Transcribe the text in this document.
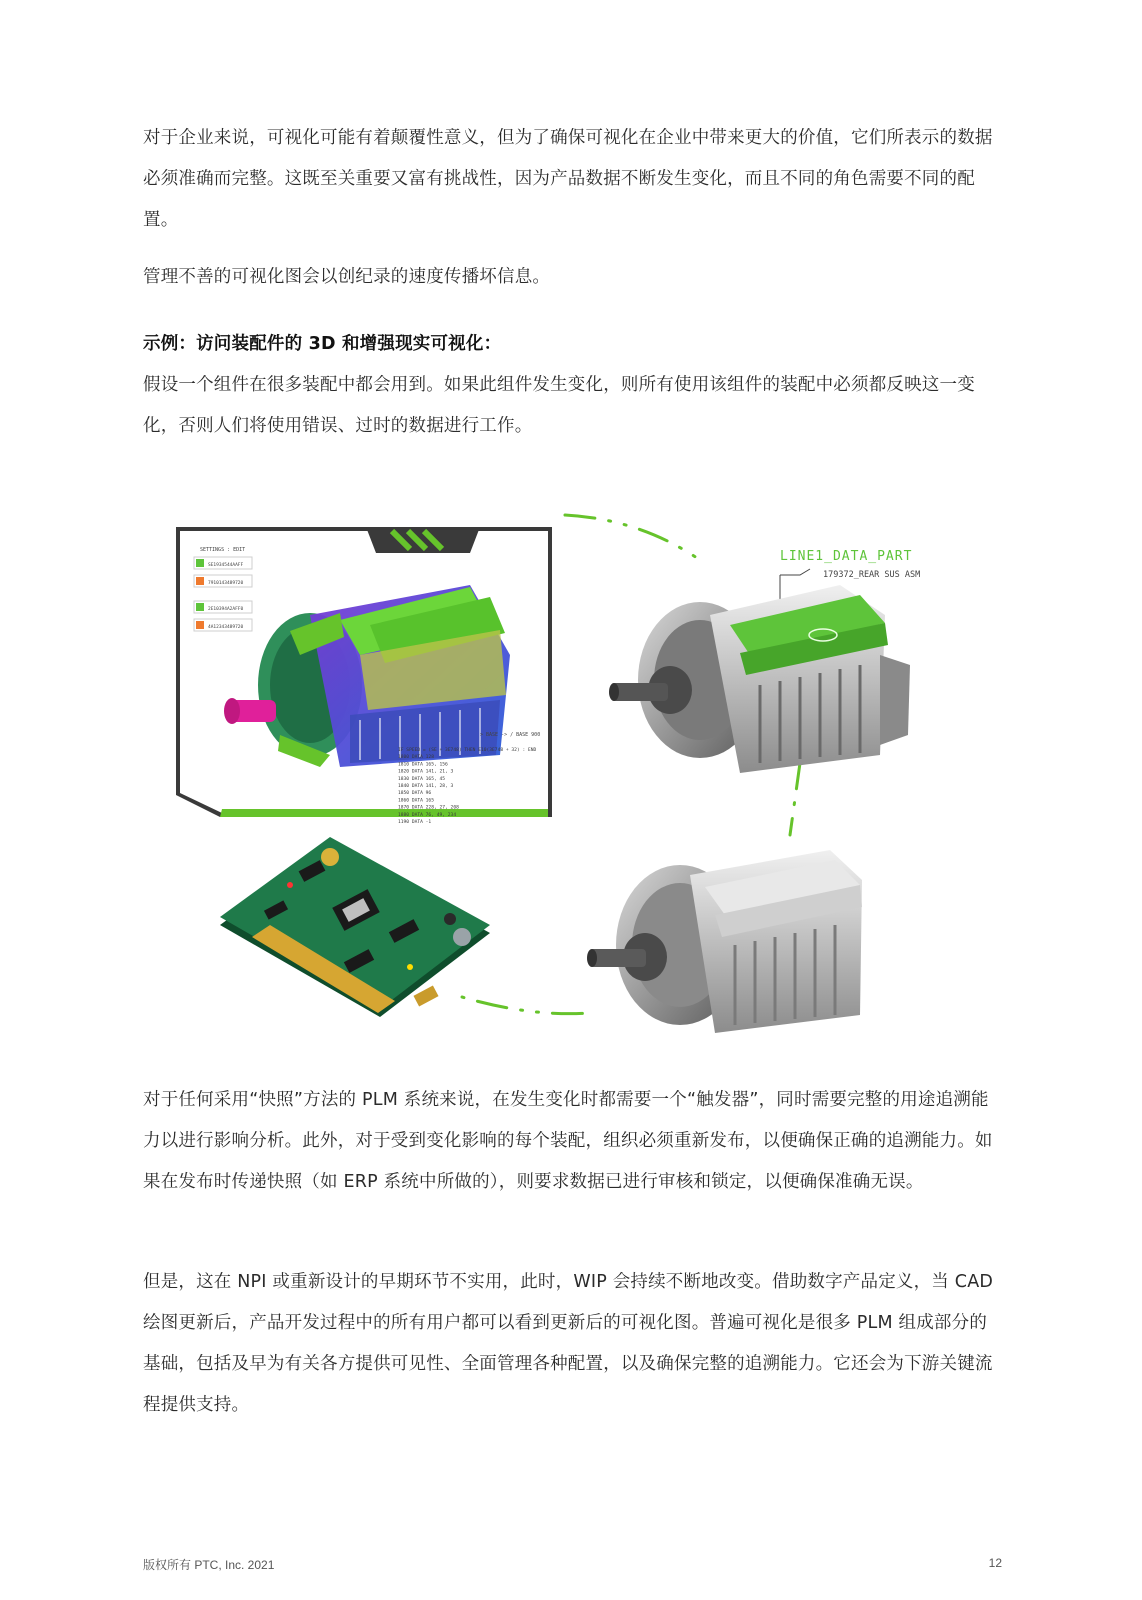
对于企业来说，可视化可能有着颠覆性意义，但为了确保可视化在企业中带来更大的价值，它们所表示的数据必须准确而完整。这既至关重要又富有挑战性，因为产品数据不断发生变化，而且不同的角色需要不同的配置。

管理不善的可视化图会以创纪录的速度传播坏信息。

示例：访问装配件的 3D 和增强现实可视化：

假设一个组件在很多装配中都会用到。如果此组件发生变化，则所有使用该组件的装配中必须都反映这一变化，否则人们将使用错误、过时的数据进行工作。

✕
SETTINGS : EDIT
SE1934544AAFF
7910143489720
2E10394A2AFF0
4A12343489720
> BASE -> / BASE 900
IF SPEED = (SE + 3E748) THEN E10(3E748 + 32) : END
1800 DATA 128
1810 DATA 165, 156
1820 DATA 141, 21, 3
1830 DATA 165, 45
1840 DATA 141, 28, 3
1850 DATA 96
1860 DATA 165
1870 DATA 228, 27, 208
1880 DATA 76, 49, 234
1190 DATA -1
LINE1_DATA_PART
179372_REAR SUS ASM

对于任何采用“快照”方法的 PLM 系统来说，在发生变化时都需要一个“触发器”，同时需要完整的用途追溯能力以进行影响分析。此外，对于受到变化影响的每个装配，组织必须重新发布，以便确保正确的追溯能力。如果在发布时传递快照（如 ERP 系统中所做的），则要求数据已进行审核和锁定，以便确保准确无误。

但是，这在 NPI 或重新设计的早期环节不实用，此时，WIP 会持续不断地改变。借助数字产品定义，当 CAD 绘图更新后，产品开发过程中的所有用户都可以看到更新后的可视化图。普遍可视化是很多 PLM 组成部分的基础，包括及早为有关各方提供可见性、全面管理各种配置，以及确保完整的追溯能力。它还会为下游关键流程提供支持。

版权所有 PTC, Inc. 2021	12
